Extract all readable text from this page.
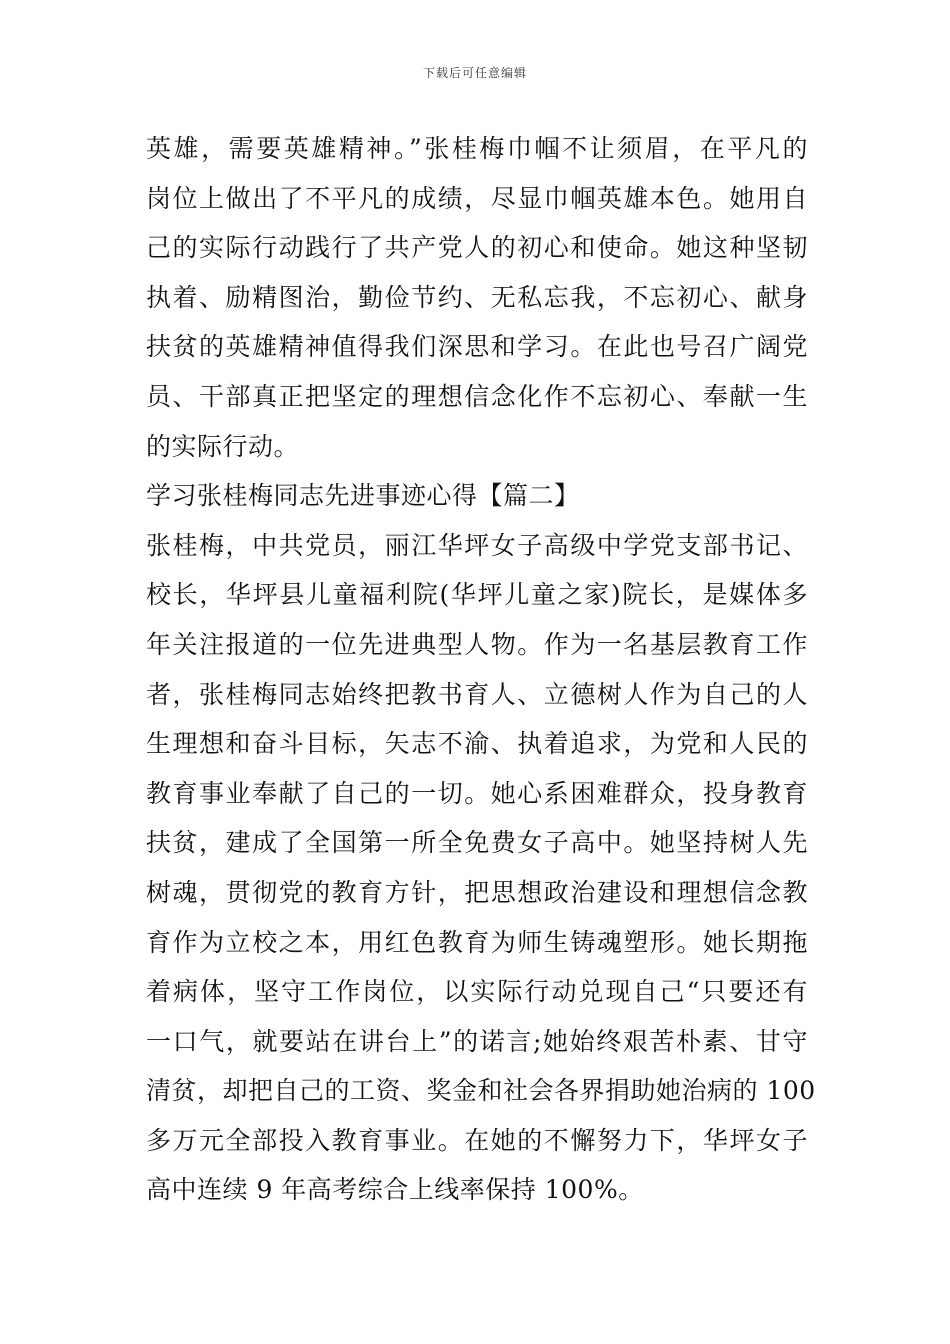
下载后可任意编辑
英雄，需要英雄精神。”张桂梅巾帼不让须眉，在平凡的
岗位上做出了不平凡的成绩，尽显巾帼英雄本色。她用自
己的实际行动践行了共产党人的初心和使命。她这种坚韧
执着、励精图治，勤俭节约、无私忘我，不忘初心、献身
扶贫的英雄精神值得我们深思和学习。在此也号召广阔党
员、干部真正把坚定的理想信念化作不忘初心、奉献一生
的实际行动。
学习张桂梅同志先进事迹心得【篇二】
张桂梅，中共党员，丽江华坪女子高级中学党支部书记、
校长，华坪县儿童福利院(华坪儿童之家)院长，是媒体多
年关注报道的一位先进典型人物。作为一名基层教育工作
者，张桂梅同志始终把教书育人、立德树人作为自己的人
生理想和奋斗目标，矢志不渝、执着追求，为党和人民的
教育事业奉献了自己的一切。她心系困难群众，投身教育
扶贫，建成了全国第一所全免费女子高中。她坚持树人先
树魂，贯彻党的教育方针，把思想政治建设和理想信念教
育作为立校之本，用红色教育为师生铸魂塑形。她长期拖
着病体，坚守工作岗位，以实际行动兑现自己“只要还有
一口气，就要站在讲台上”的诺言;她始终艰苦朴素、甘守
清贫，却把自己的工资、奖金和社会各界捐助她治病的 100
多万元全部投入教育事业。在她的不懈努力下，华坪女子
高中连续 9 年高考综合上线率保持 100%。
